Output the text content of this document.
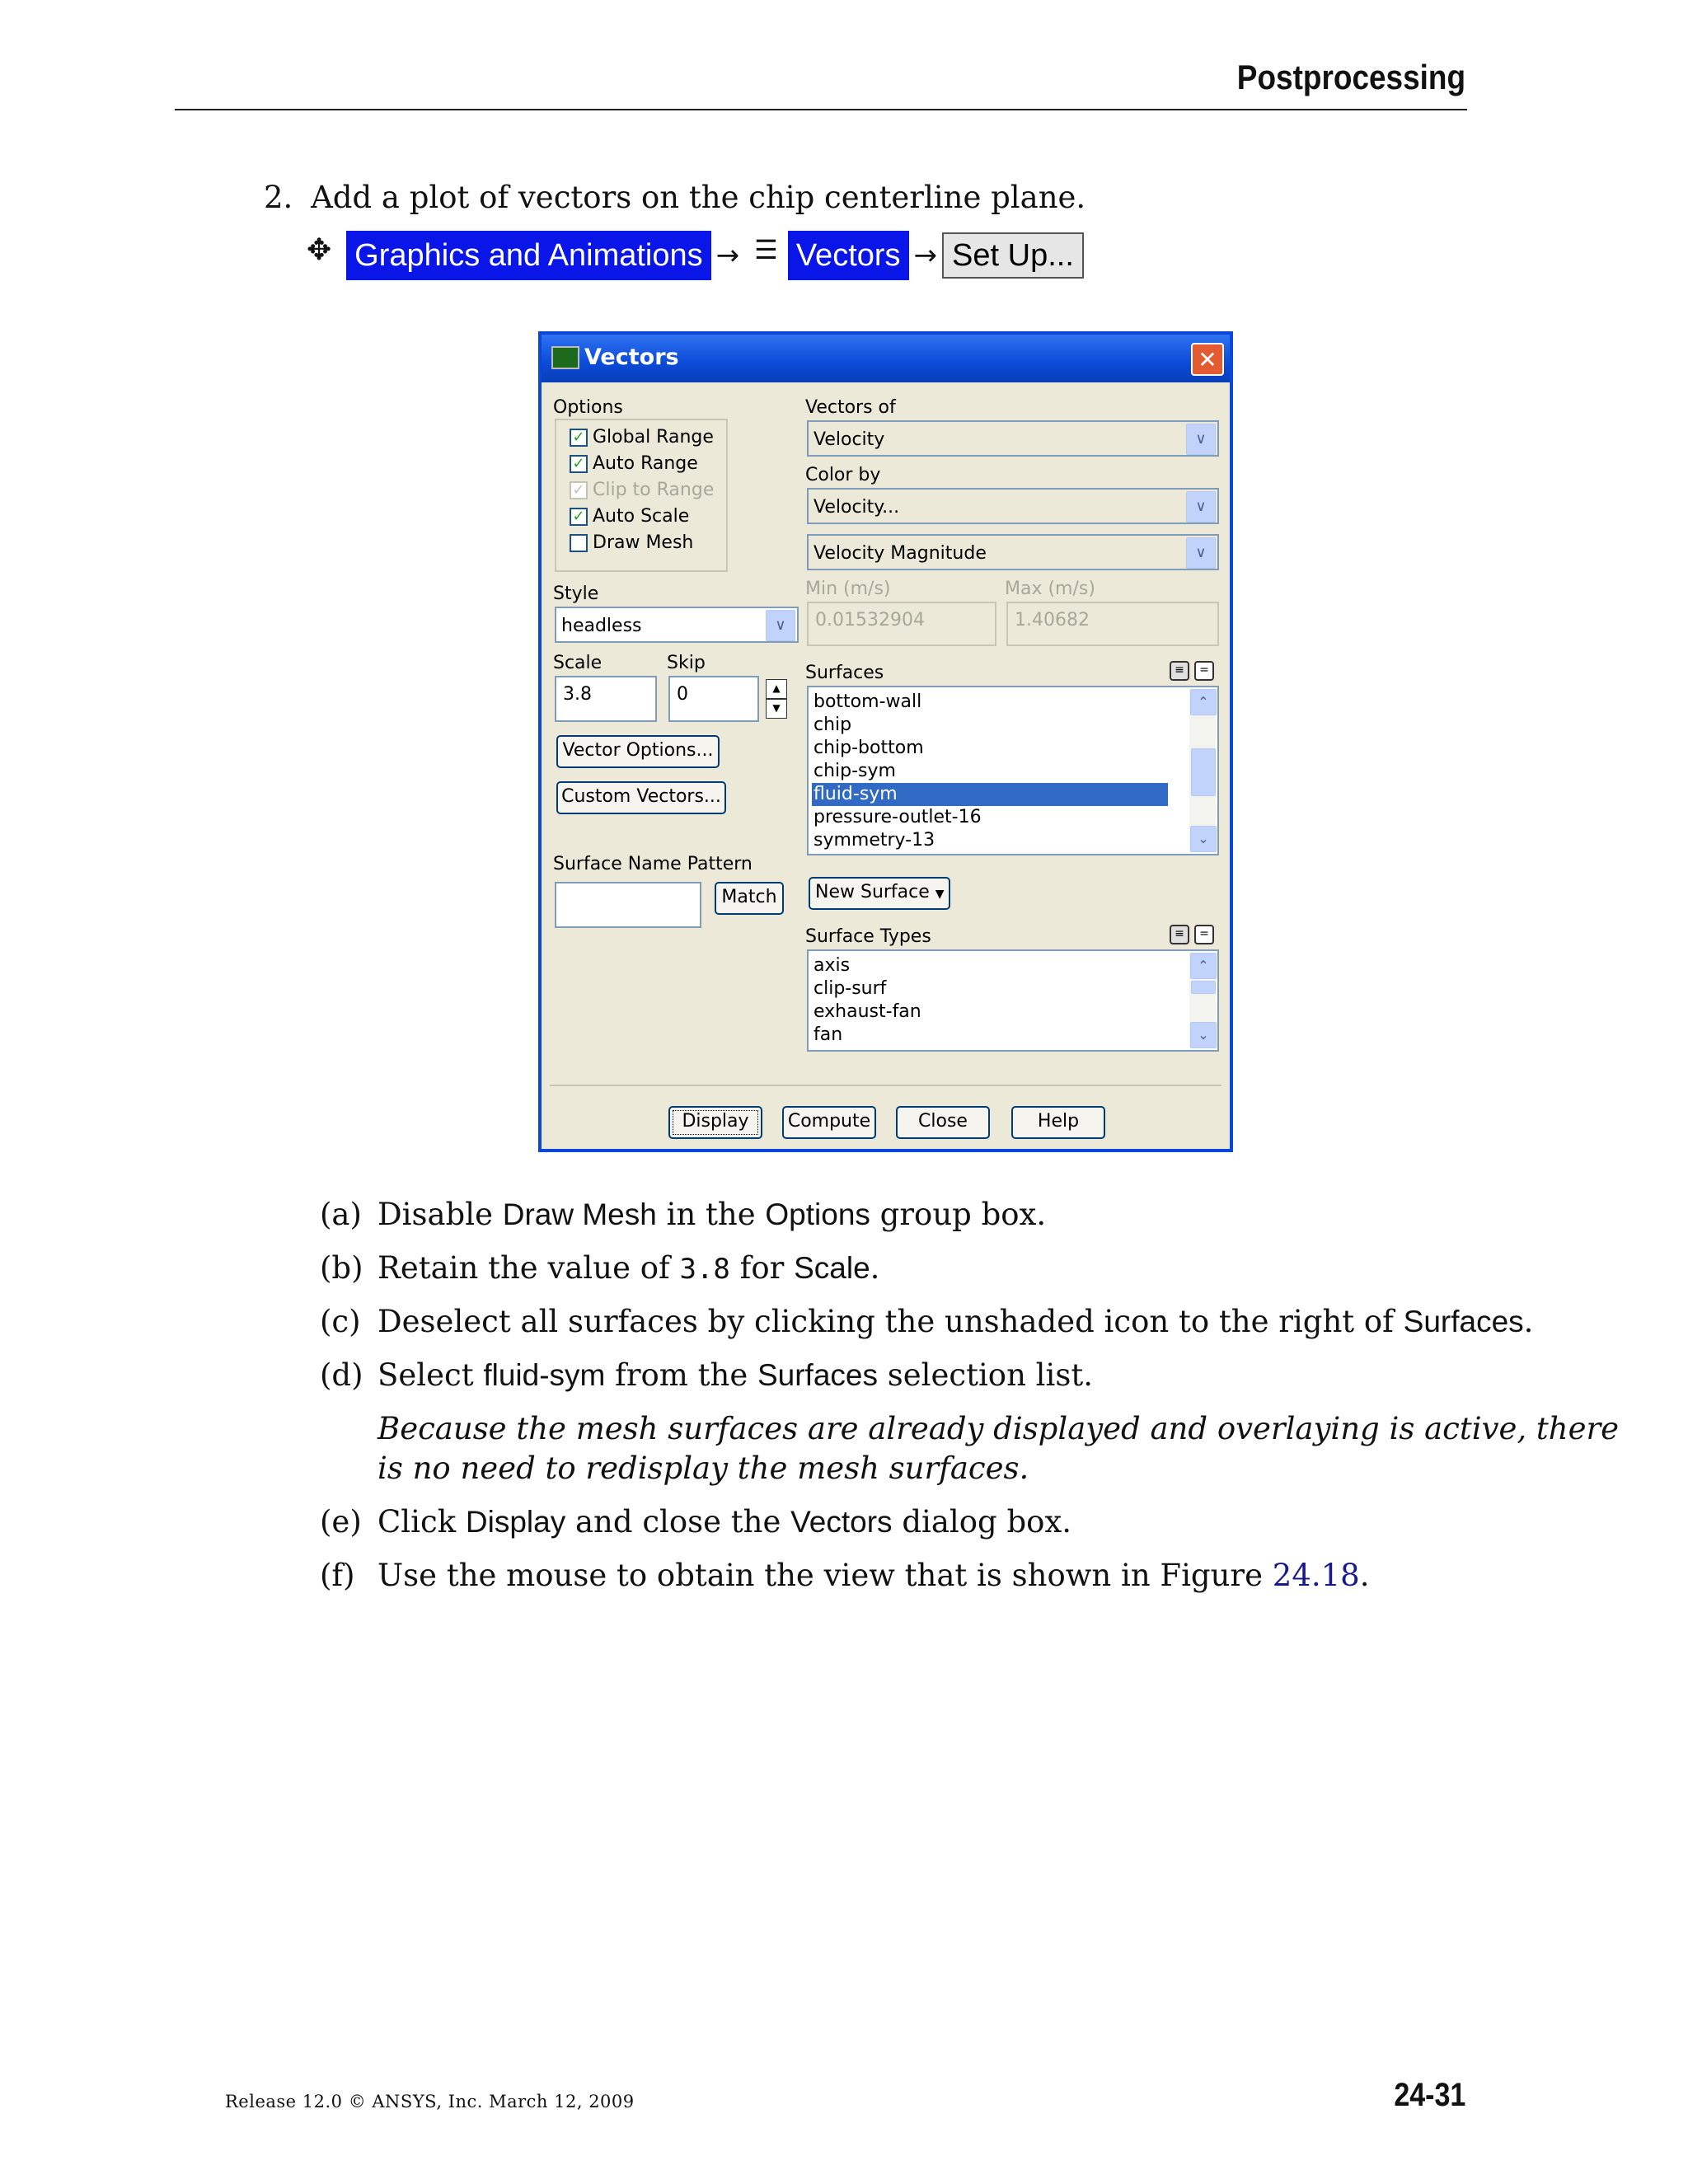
Postprocessing
2. Add a plot of vectors on the chip centerline plane.
✥ Graphics and Animations → ☰ Vectors → Set Up...
Vectors	✕
Options
✓ Global Range
✓ Auto Range
✓ Clip to Range
✓ Auto Scale
Draw Mesh
Style
headless	∨
Scale	Skip
3.8	0	▲
▼
Vector Options...
Custom Vectors...
Surface Name Pattern
Match
Vectors of
Velocity	∨
Color by
Velocity...	∨
Velocity Magnitude	∨
Min (m/s)	Max (m/s)
0.01532904	1.40682
Surfaces	≡	=
bottom-wall
chip
chip-bottom
chip-sym
fluid-sym
pressure-outlet-16
symmetry-13
⌃
⌄
New Surface ▼
Surface Types	≡	=
axis
clip-surf
exhaust-fan
fan
⌃
⌄
Display	Compute	Close	Help
(a) Disable Draw Mesh in the Options group box.
(b) Retain the value of 3.8 for Scale.
(c) Deselect all surfaces by clicking the unshaded icon to the right of Surfaces.
(d) Select fluid-sym from the Surfaces selection list.
Because the mesh surfaces are already displayed and overlaying is active, there
is no need to redisplay the mesh surfaces.
(e) Click Display and close the Vectors dialog box.
(f) Use the mouse to obtain the view that is shown in Figure 24.18.
Release 12.0 © ANSYS, Inc. March 12, 2009	24-31
